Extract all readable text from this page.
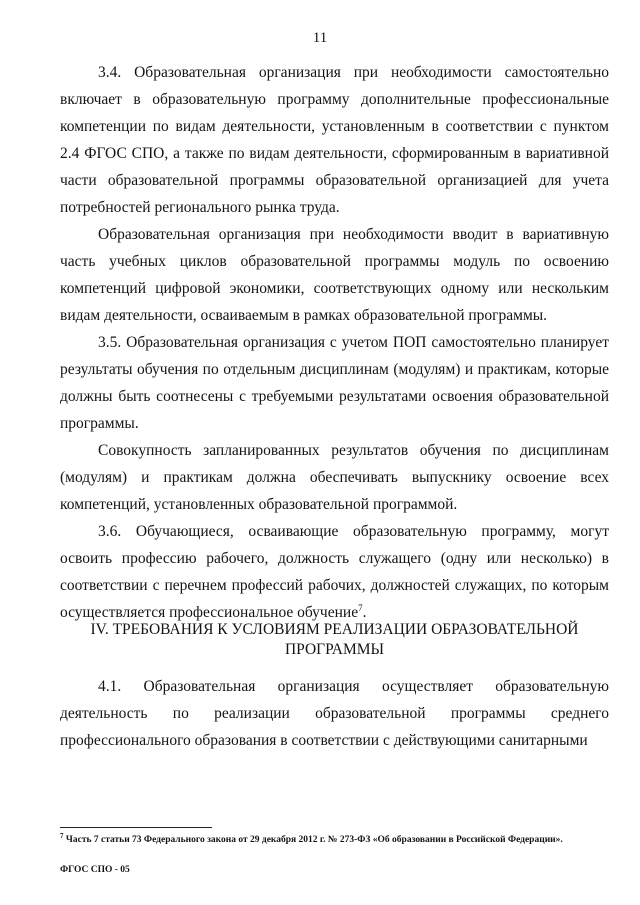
11

3.4. Образовательная организация при необходимости самостоятельно включает в образовательную программу дополнительные профессиональные компетенции по видам деятельности, установленным в соответствии с пунктом 2.4 ФГОС СПО, а также по видам деятельности, сформированным в вариативной части образовательной программы образовательной организацией для учета потребностей регионального рынка труда.

Образовательная организация при необходимости вводит в вариативную часть учебных циклов образовательной программы модуль по освоению компетенций цифровой экономики, соответствующих одному или нескольким видам деятельности, осваиваемым в рамках образовательной программы.

3.5. Образовательная организация с учетом ПОП самостоятельно планирует результаты обучения по отдельным дисциплинам (модулям) и практикам, которые должны быть соотнесены с требуемыми результатами освоения образовательной программы.

Совокупность запланированных результатов обучения по дисциплинам (модулям) и практикам должна обеспечивать выпускнику освоение всех компетенций, установленных образовательной программой.

3.6. Обучающиеся, осваивающие образовательную программу, могут освоить профессию рабочего, должность служащего (одну или несколько) в соответствии с перечнем профессий рабочих, должностей служащих, по которым осуществляется профессиональное обучение$^7$.

IV. ТРЕБОВАНИЯ К УСЛОВИЯМ РЕАЛИЗАЦИИ ОБРАЗОВАТЕЛЬНОЙ ПРОГРАММЫ

4.1. Образовательная организация осуществляет образовательную деятельность по реализации образовательной программы среднего профессионального образования в соответствии с действующими санитарными

$^7$ Часть 7 статьи 73 Федерального закона от 29 декабря 2012 г. № 273-ФЗ «Об образовании в Российской Федерации».
ФГОС СПО - 05
